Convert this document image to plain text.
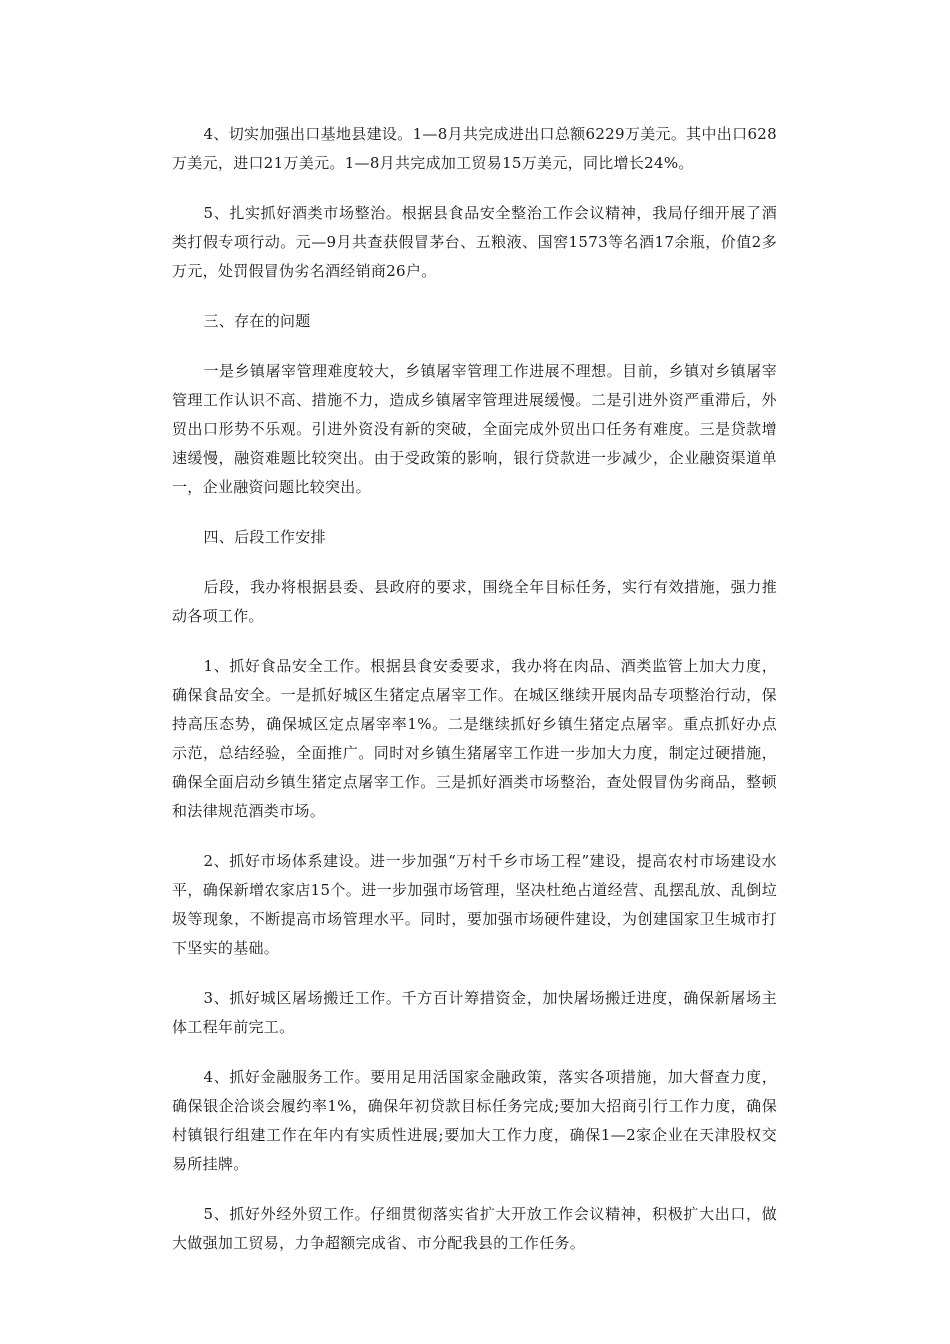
4、切实加强出口基地县建设。1—8月共完成进出口总额6229万美元。其中出口628万美元，进口21万美元。1—8月共完成加工贸易15万美元，同比增长24%。

5、扎实抓好酒类市场整治。根据县食品安全整治工作会议精神，我局仔细开展了酒类打假专项行动。元—9月共查获假冒茅台、五粮液、国窖1573等名酒17余瓶，价值2多万元，处罚假冒伪劣名酒经销商26户。

三、存在的问题

一是乡镇屠宰管理难度较大，乡镇屠宰管理工作进展不理想。目前，乡镇对乡镇屠宰管理工作认识不高、措施不力，造成乡镇屠宰管理进展缓慢。二是引进外资严重滞后，外贸出口形势不乐观。引进外资没有新的突破，全面完成外贸出口任务有难度。三是贷款增速缓慢，融资难题比较突出。由于受政策的影响，银行贷款进一步减少，企业融资渠道单一，企业融资问题比较突出。

四、后段工作安排

后段，我办将根据县委、县政府的要求，围绕全年目标任务，实行有效措施，强力推动各项工作。

1、抓好食品安全工作。根据县食安委要求，我办将在肉品、酒类监管上加大力度，确保食品安全。一是抓好城区生猪定点屠宰工作。在城区继续开展肉品专项整治行动，保持高压态势，确保城区定点屠宰率1%。二是继续抓好乡镇生猪定点屠宰。重点抓好办点示范，总结经验，全面推广。同时对乡镇生猪屠宰工作进一步加大力度，制定过硬措施，确保全面启动乡镇生猪定点屠宰工作。三是抓好酒类市场整治，查处假冒伪劣商品，整顿和法律规范酒类市场。

2、抓好市场体系建设。进一步加强“万村千乡市场工程”建设，提高农村市场建设水平，确保新增农家店15个。进一步加强市场管理，坚决杜绝占道经营、乱摆乱放、乱倒垃圾等现象，不断提高市场管理水平。同时，要加强市场硬件建设，为创建国家卫生城市打下坚实的基础。

3、抓好城区屠场搬迁工作。千方百计筹措资金，加快屠场搬迁进度，确保新屠场主体工程年前完工。

4、抓好金融服务工作。要用足用活国家金融政策，落实各项措施，加大督查力度，确保银企洽谈会履约率1%，确保年初贷款目标任务完成;要加大招商引行工作力度，确保村镇银行组建工作在年内有实质性进展;要加大工作力度，确保1—2家企业在天津股权交易所挂牌。

5、抓好外经外贸工作。仔细贯彻落实省扩大开放工作会议精神，积极扩大出口，做大做强加工贸易，力争超额完成省、市分配我县的工作任务。
